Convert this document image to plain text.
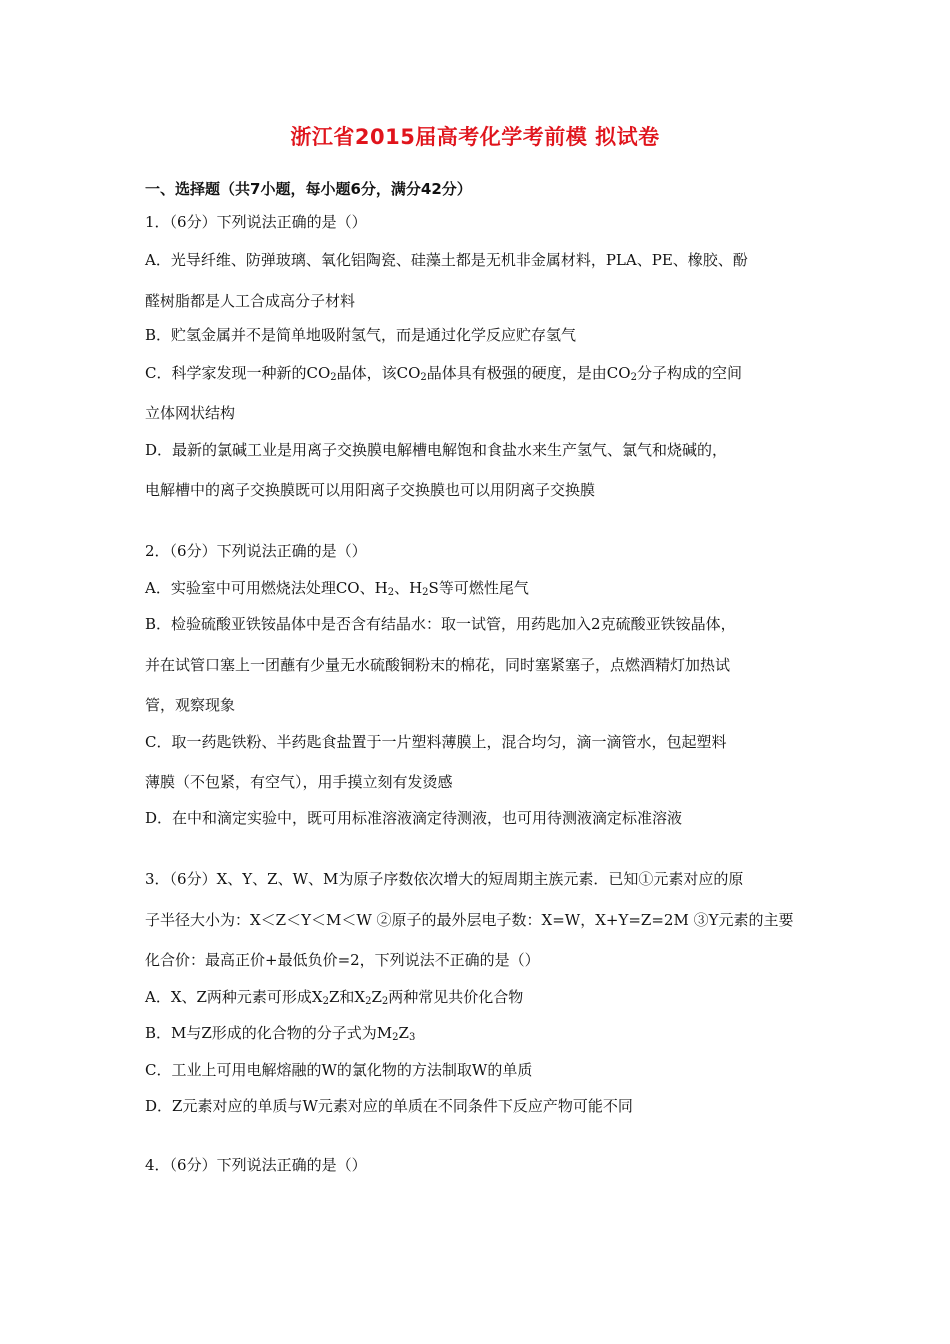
浙江省2015届高考化学考前模 拟试卷
一、选择题（共7小题，每小题6分，满分42分）
1．（6分）下列说法正确的是（）
A．光导纤维、防弹玻璃、氧化铝陶瓷、硅藻土都是无机非金属材料，PLA、PE、橡胶、酚
醛树脂都是人工合成高分子材料
B．贮氢金属并不是简单地吸附氢气，而是通过化学反应贮存氢气
C．科学家发现一种新的$CO_2$晶体，该$CO_2$晶体具有极强的硬度，是由$CO_2$分子构成的空间
立体网状结构
D．最新的氯碱工业是用离子交换膜电解槽电解饱和食盐水来生产氢气、氯气和烧碱的，
电解槽中的离子交换膜既可以用阳离子交换膜也可以用阴离子交换膜
2．（6分）下列说法正确的是（）
A．实验室中可用燃烧法处理CO、$H_2$、$H_2S$等可燃性尾气
B．检验硫酸亚铁铵晶体中是否含有结晶水：取一试管，用药匙加入2克硫酸亚铁铵晶体，
并在试管口塞上一团蘸有少量无水硫酸铜粉末的棉花，同时塞紧塞子，点燃酒精灯加热试
管，观察现象
C．取一药匙铁粉、半药匙食盐置于一片塑料薄膜上，混合均匀，滴一滴管水，包起塑料
薄膜（不包紧，有空气），用手摸立刻有发烫感
D．在中和滴定实验中，既可用标准溶液滴定待测液，也可用待测液滴定标准溶液
3．（6分）X、Y、Z、W、M为原子序数依次增大的短周期主族元素．已知①元素对应的原
子半径大小为：X＜Z＜Y＜M＜W ②原子的最外层电子数：X=W，X+Y=Z=2M ③Y元素的主要
化合价：最高正价+最低负价=2，下列说法不正确的是（）
A．X、Z两种元素可形成$X_2Z$和$X_2Z_2$两种常见共价化合物
B．M与Z形成的化合物的分子式为$M_2Z_3$
C．工业上可用电解熔融的W的氯化物的方法制取W的单质
D．Z元素对应的单质与W元素对应的单质在不同条件下反应产物可能不同
4．（6分）下列说法正确的是（）
